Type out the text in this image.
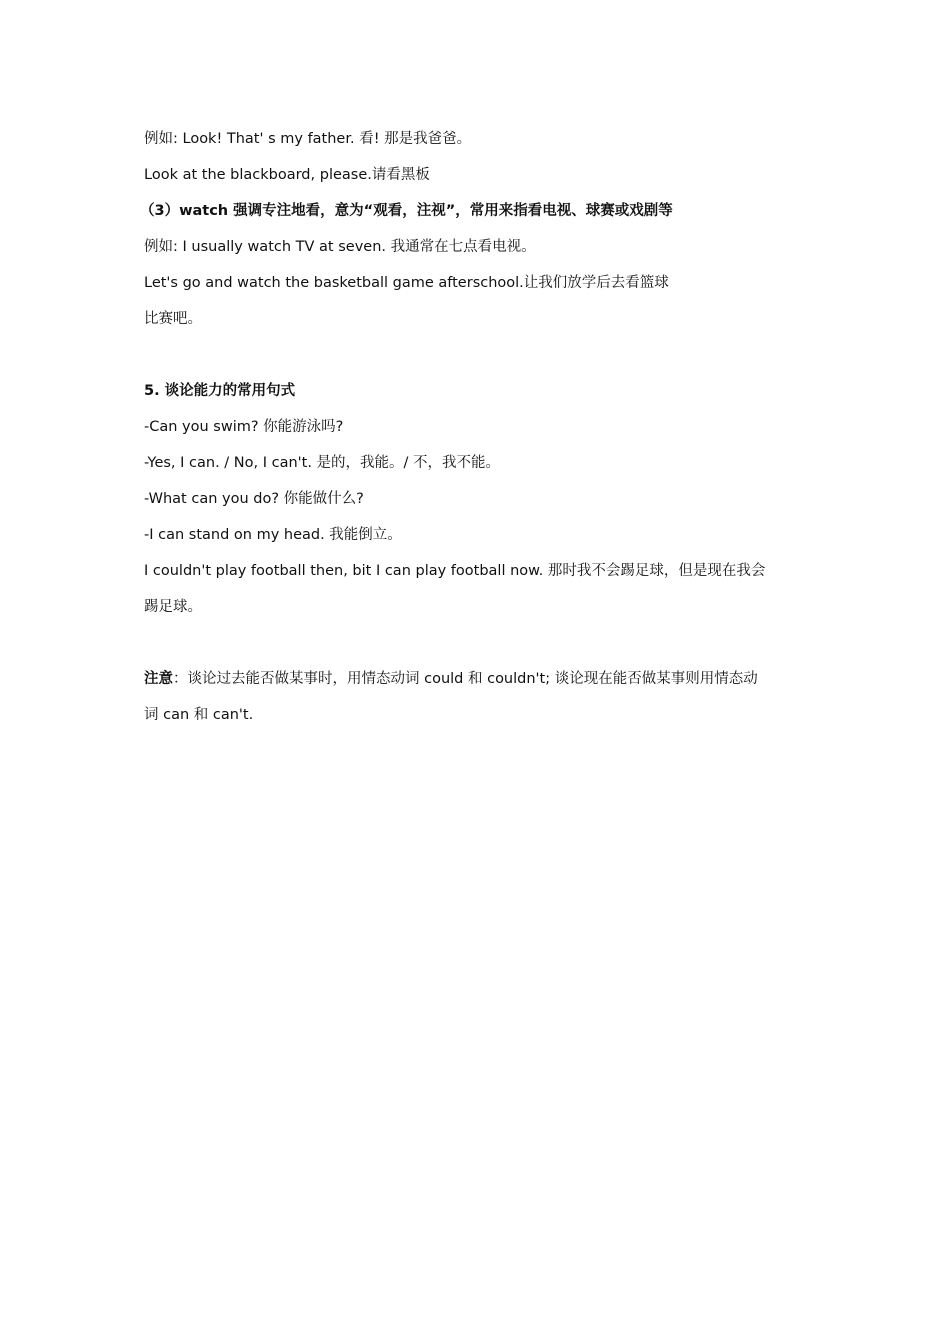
例如: Look! That' s my father. 看! 那是我爸爸。
Look at the blackboard, please.请看黑板
（3）watch 强调专注地看，意为“观看，注视”，常用来指看电视、球赛或戏剧等
例如: I usually watch TV at seven. 我通常在七点看电视。
Let's go and watch the basketball game afterschool.让我们放学后去看篮球
比赛吧。
5. 谈论能力的常用句式
-Can you swim? 你能游泳吗?
-Yes, I can. / No, I can't. 是的，我能。/ 不，我不能。
-What can you do? 你能做什么?
-I can stand on my head. 我能倒立。
I couldn't play football then, bit I can play football now. 那时我不会踢足球，但是现在我会
踢足球。
注意：谈论过去能否做某事时，用情态动词 could 和 couldn't; 谈论现在能否做某事则用情态动
词 can 和 can't.
